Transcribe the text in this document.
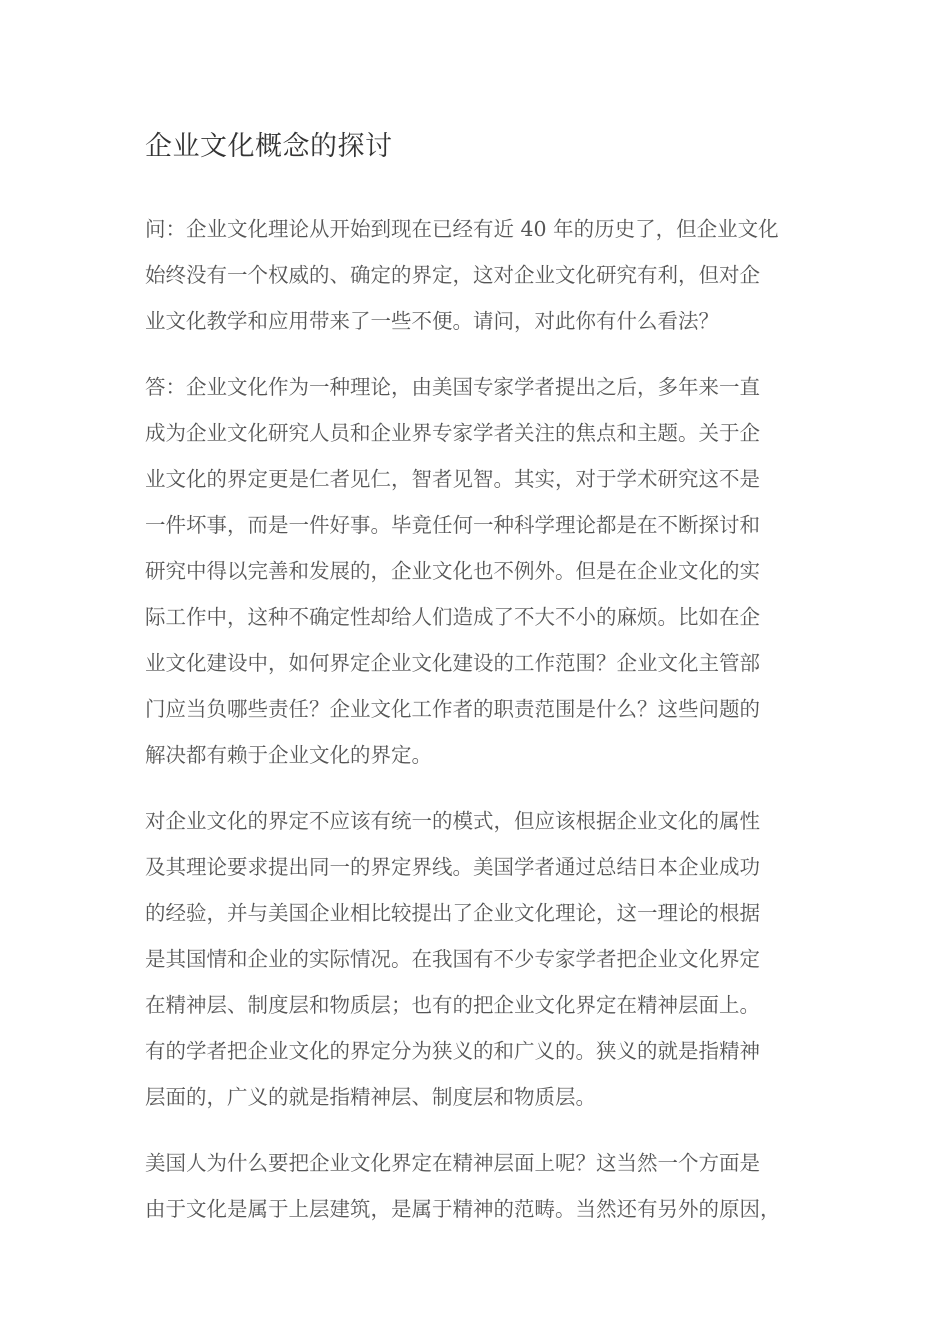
企业文化概念的探讨

问：企业文化理论从开始到现在已经有近 40 年的历史了，但企业文化
始终没有一个权威的、确定的界定，这对企业文化研究有利，但对企
业文化教学和应用带来了一些不便。请问，对此你有什么看法？

答：企业文化作为一种理论，由美国专家学者提出之后，多年来一直
成为企业文化研究人员和企业界专家学者关注的焦点和主题。关于企
业文化的界定更是仁者见仁，智者见智。其实，对于学术研究这不是
一件坏事，而是一件好事。毕竟任何一种科学理论都是在不断探讨和
研究中得以完善和发展的，企业文化也不例外。但是在企业文化的实
际工作中，这种不确定性却给人们造成了不大不小的麻烦。比如在企
业文化建设中，如何界定企业文化建设的工作范围？企业文化主管部
门应当负哪些责任？企业文化工作者的职责范围是什么？这些问题的
解决都有赖于企业文化的界定。

对企业文化的界定不应该有统一的模式，但应该根据企业文化的属性
及其理论要求提出同一的界定界线。美国学者通过总结日本企业成功
的经验，并与美国企业相比较提出了企业文化理论，这一理论的根据
是其国情和企业的实际情况。在我国有不少专家学者把企业文化界定
在精神层、制度层和物质层；也有的把企业文化界定在精神层面上。
有的学者把企业文化的界定分为狭义的和广义的。狭义的就是指精神
层面的，广义的就是指精神层、制度层和物质层。

美国人为什么要把企业文化界定在精神层面上呢？这当然一个方面是
由于文化是属于上层建筑，是属于精神的范畴。当然还有另外的原因，
